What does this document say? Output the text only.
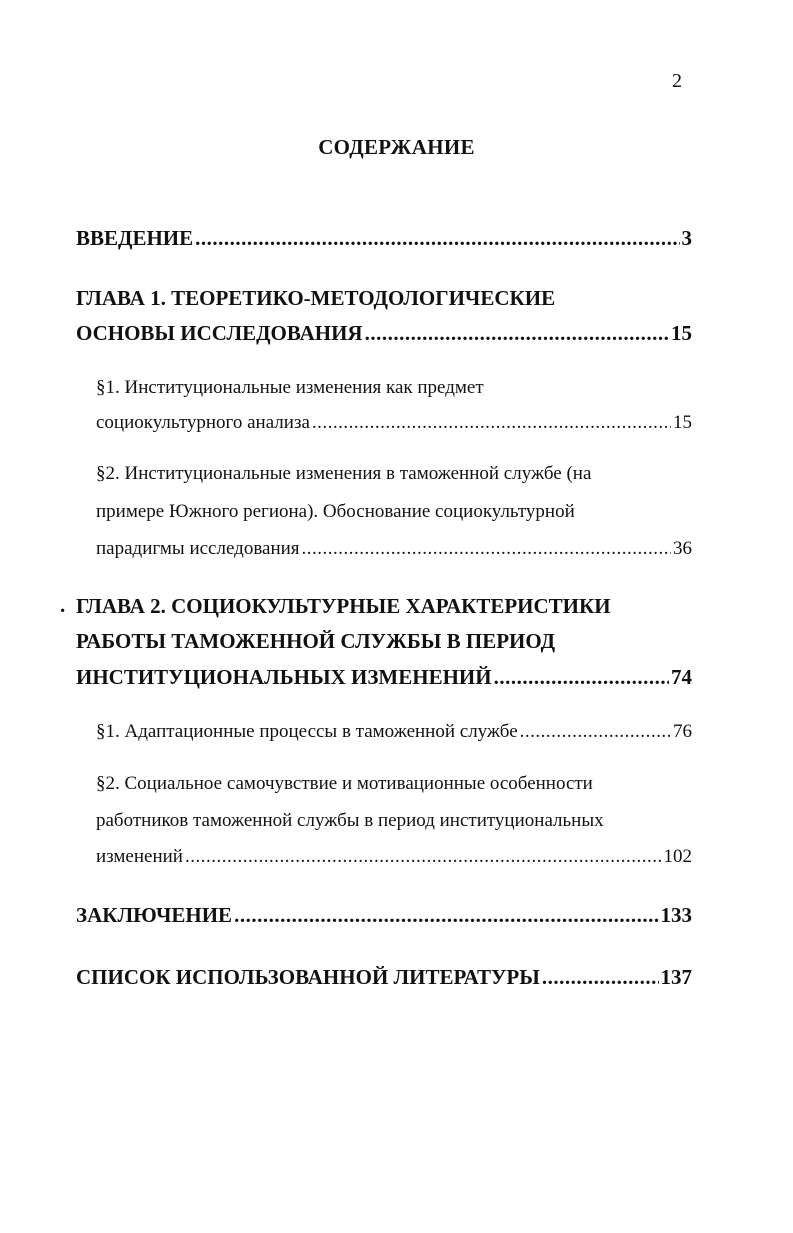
2
СОДЕРЖАНИЕ
ВВЕДЕНИЕ .....	3
ГЛАВА 1. ТЕОРЕТИКО-МЕТОДОЛОГИЧЕСКИЕ
ОСНОВЫ ИССЛЕДОВАНИЯ .....	15
§1. Институциональные изменения как предмет
социокультурного анализа .....	15
§2. Институциональные изменения в таможенной службе (на
примере Южного региона). Обоснование социокультурной
парадигмы исследования .....	36
. ГЛАВА 2. СОЦИОКУЛЬТУРНЫЕ ХАРАКТЕРИСТИКИ
РАБОТЫ ТАМОЖЕННОЙ СЛУЖБЫ В ПЕРИОД
ИНСТИТУЦИОНАЛЬНЫХ ИЗМЕНЕНИЙ .....	74
§1. Адаптационные процессы в таможенной службе .....	76
§2. Социальное самочувствие и мотивационные особенности
работников таможенной службы в период институциональных
изменений .....	102
ЗАКЛЮЧЕНИЕ .....	133
СПИСОК ИСПОЛЬЗОВАННОЙ ЛИТЕРАТУРЫ .....	137
